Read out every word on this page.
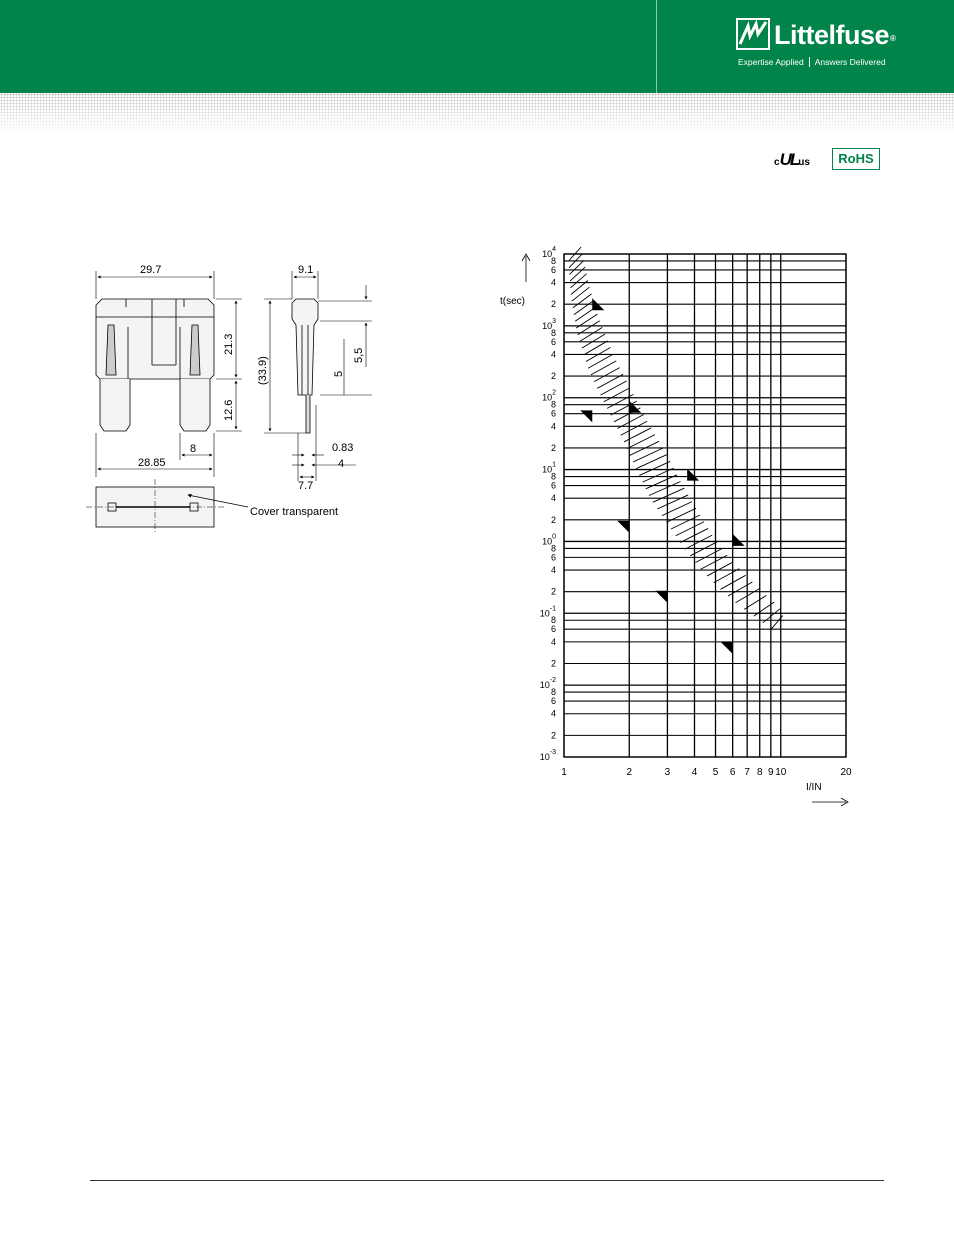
Littelfuse®
Expertise Applied Answers Delivered
cULus	RoHS
29.7
28.85
8
21.3
12.6
(33.9)
9.1
5,5
5
0.83
4
7.7
Cover transparent
$10^4$
8
6
4
2
$10^3$
8
6
4
2
$10^2$
8
6
4
2
$10^1$
8
6
4
2
$10^0$
8
6
4
2
$10^{-1}$
8
6
4
2
$10^{-2}$
8
6
4
2
$10^{-3}$
1	2	3 4 5 6 7 8 9 10	20
t(sec)
I/IN
